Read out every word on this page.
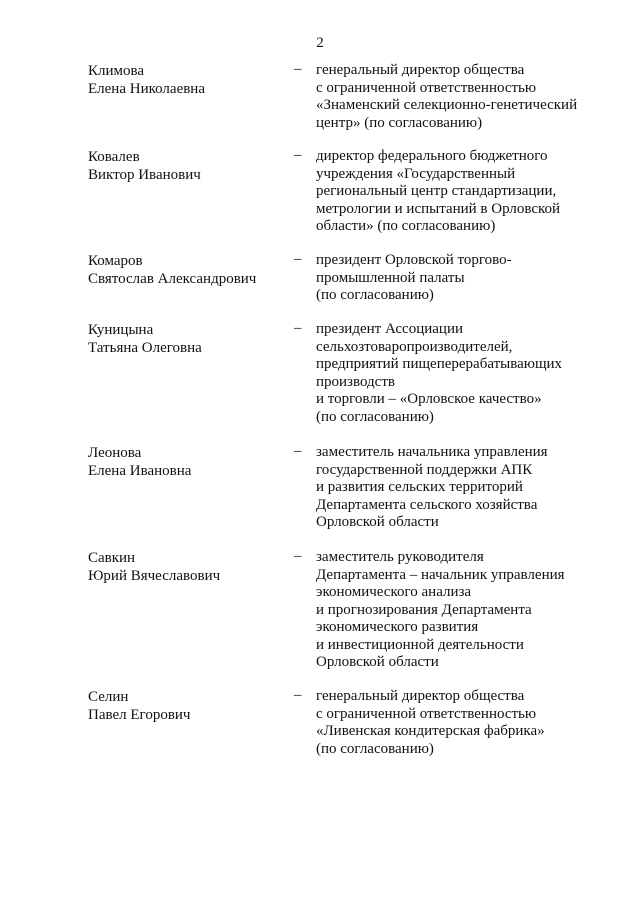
2
Климова
Елена Николаевна
– генеральный директор общества
с ограниченной ответственностью
«Знаменский селекционно-генетический
центр» (по согласованию)
Ковалев
Виктор Иванович
– директор федерального бюджетного
учреждения «Государственный
региональный центр стандартизации,
метрологии и испытаний в Орловской
области» (по согласованию)
Комаров
Святослав Александрович
– президент Орловской торгово-
промышленной палаты
(по согласованию)
Куницына
Татьяна Олеговна
– президент Ассоциации
сельхозтоваропроизводителей,
предприятий пищеперерабатывающих
производств
и торговли – «Орловское качество»
(по согласованию)
Леонова
Елена Ивановна
– заместитель начальника управления
государственной поддержки АПК
и развития сельских территорий
Департамента сельского хозяйства
Орловской области
Савкин
Юрий Вячеславович
– заместитель руководителя
Департамента – начальник управления
экономического анализа
и прогнозирования Департамента
экономического развития
и инвестиционной деятельности
Орловской области
Селин
Павел Егорович
– генеральный директор общества
с ограниченной ответственностью
«Ливенская кондитерская фабрика»
(по согласованию)
